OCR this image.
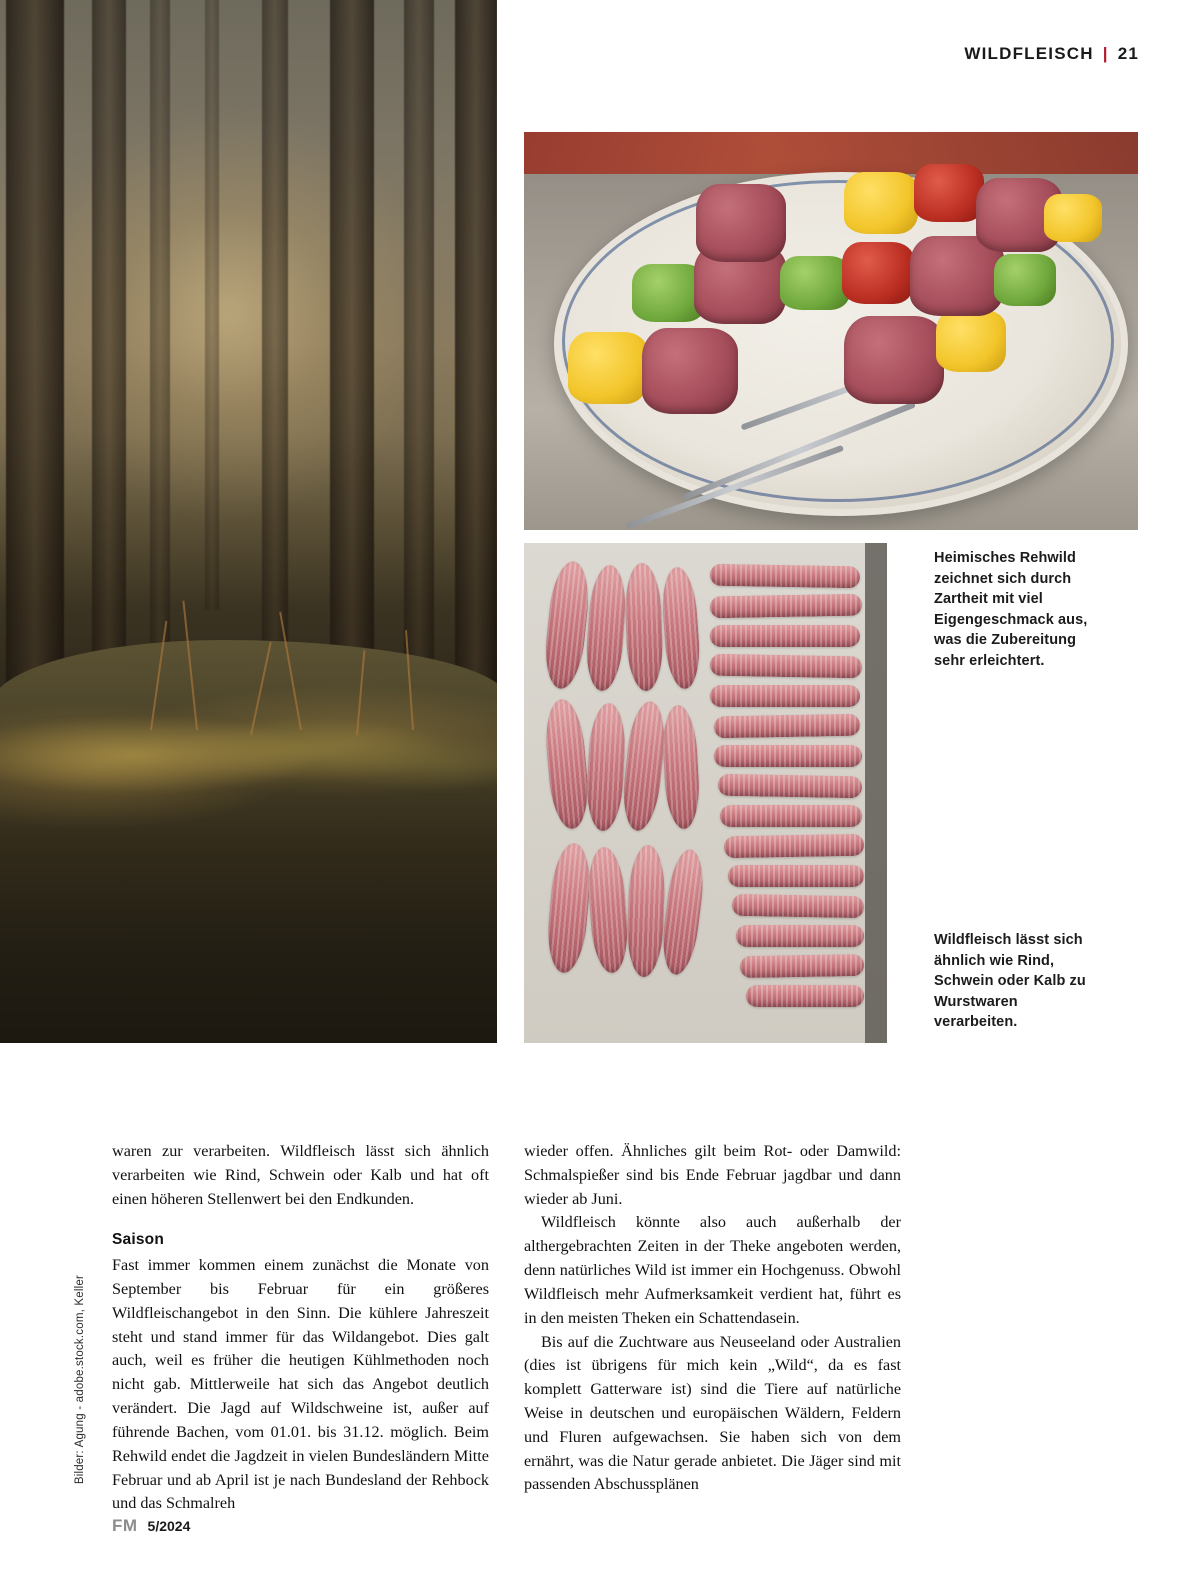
WILDFLEISCH | 21
Heimisches Rehwild zeichnet sich durch Zartheit mit viel Eigengeschmack aus, was die Zubereitung sehr erleichtert.
Wildfleisch lässt sich ähnlich wie Rind, Schwein oder Kalb zu Wurstwaren verarbeiten.

waren zur verarbeiten. Wildfleisch lässt sich ähnlich verarbeiten wie Rind, Schwein oder Kalb und hat oft einen höheren Stellenwert bei den Endkunden.

Saison

Fast immer kommen einem zunächst die Monate von September bis Februar für ein größeres Wildfleischangebot in den Sinn. Die kühlere Jahreszeit steht und stand immer für das Wildangebot. Dies galt auch, weil es früher die heutigen Kühlmethoden noch nicht gab. Mittlerweile hat sich das Angebot deutlich verändert. Die Jagd auf Wildschweine ist, außer auf führende Bachen, vom 01.01. bis 31.12. möglich. Beim Rehwild endet die Jagdzeit in vielen Bundesländern Mitte Februar und ab April ist je nach Bundesland der Rehbock und das Schmalreh

wieder offen. Ähnliches gilt beim Rot- oder Damwild: Schmalspießer sind bis Ende Februar jagdbar und dann wieder ab Juni.

Wildfleisch könnte also auch außerhalb der althergebrachten Zeiten in der Theke angeboten werden, denn natürliches Wild ist immer ein Hochgenuss. Obwohl Wildfleisch mehr Aufmerksamkeit verdient hat, führt es in den meisten Theken ein Schattendasein.

Bis auf die Zuchtware aus Neuseeland oder Australien (dies ist übrigens für mich kein „Wild“, da es fast komplett Gatterware ist) sind die Tiere auf natürliche Weise in deutschen und europäischen Wäldern, Feldern und Fluren aufgewachsen. Sie haben sich von dem ernährt, was die Natur gerade anbietet. Die Jäger sind mit passenden Abschussplänen

Bilder: Agung - adobe.stock.com, Keller
FM 5/2024
